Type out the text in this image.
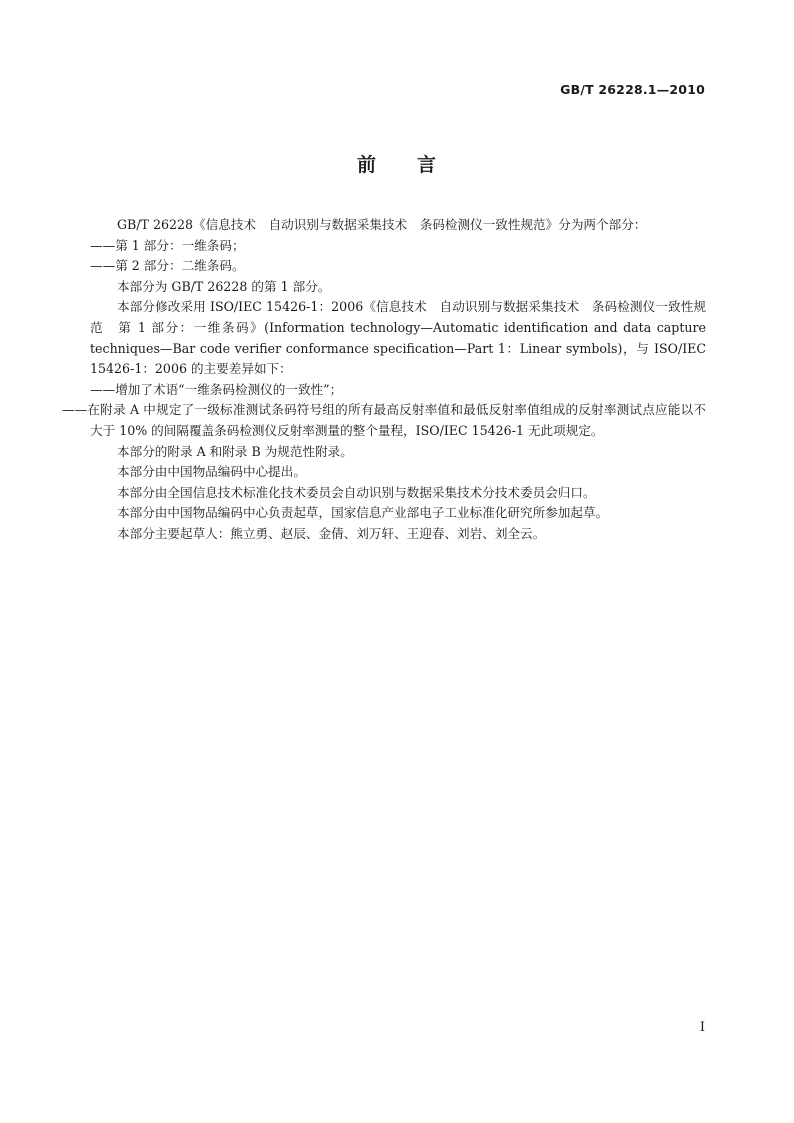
GB/T 26228.1—2010
前　　言

GB/T 26228《信息技术　自动识别与数据采集技术　条码检测仪一致性规范》分为两个部分：

——第 1 部分：一维条码；

——第 2 部分：二维条码。

本部分为 GB/T 26228 的第 1 部分。

本部分修改采用 ISO/IEC 15426-1：2006《信息技术　自动识别与数据采集技术　条码检测仪一致性规范　第 1 部分：一维条码》(Information technology—Automatic identification and data capture techniques—Bar code verifier conformance specification—Part 1：Linear symbols)，与 ISO/IEC 15426-1：2006 的主要差异如下：

——增加了术语“一维条码检测仪的一致性”；

——在附录 A 中规定了一级标准测试条码符号组的所有最高反射率值和最低反射率值组成的反射率测试点应能以不大于 10% 的间隔覆盖条码检测仪反射率测量的整个量程，ISO/IEC 15426-1 无此项规定。

本部分的附录 A 和附录 B 为规范性附录。

本部分由中国物品编码中心提出。

本部分由全国信息技术标准化技术委员会自动识别与数据采集技术分技术委员会归口。

本部分由中国物品编码中心负责起草，国家信息产业部电子工业标准化研究所参加起草。

本部分主要起草人：熊立勇、赵辰、金倩、刘万轩、王迎春、刘岩、刘全云。

I
